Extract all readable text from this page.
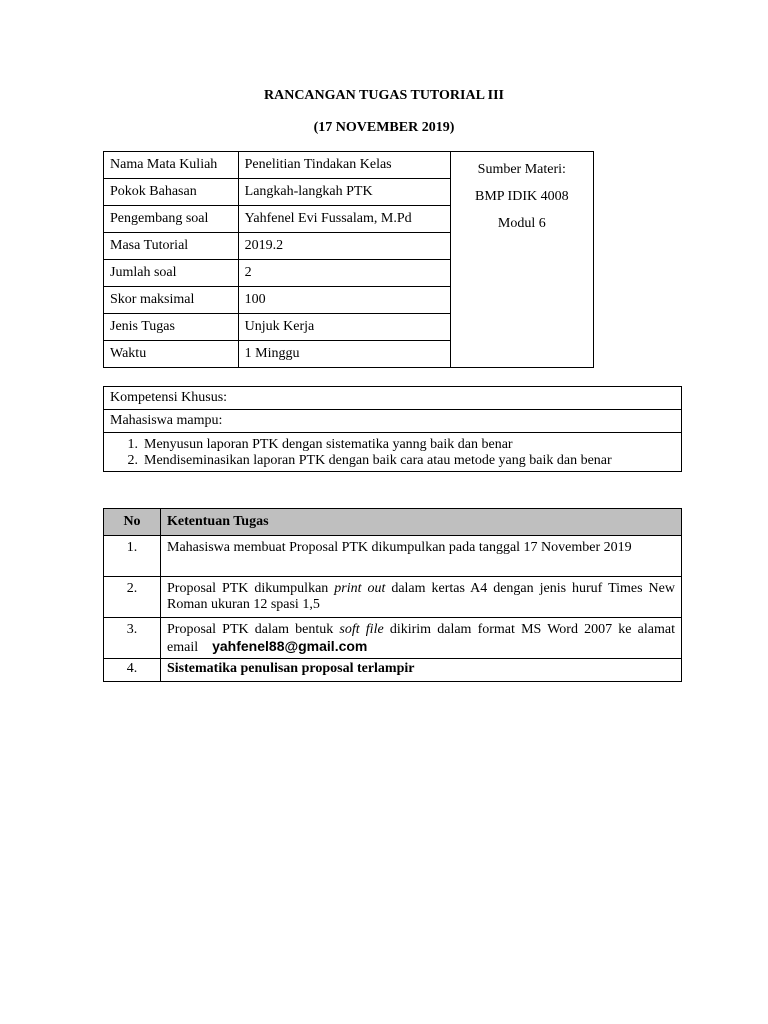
RANCANGAN TUGAS TUTORIAL III
(17 NOVEMBER 2019)
Nama Mata Kuliah	Penelitian Tindakan Kelas	Sumber Materi:
BMP IDIK 4008
Modul 6

Pokok Bahasan	Langkah-langkah PTK	
Pengembang soal	Yahfenel Evi Fussalam, M.Pd	
Masa Tutorial	2019.2	
Jumlah soal	2	
Skor maksimal	100	
Jenis Tugas	Unjuk Kerja	
Waktu	1 Minggu	
Kompetensi Khusus:
Mahasiswa mampu:

1. Menyusun laporan PTK dengan sistematika yanng baik dan benar
2. Mendiseminasikan laporan PTK dengan baik cara atau metode yang baik dan benar
No	Ketentuan Tugas
1.	Mahasiswa membuat Proposal PTK dikumpulkan pada tanggal 17 November 2019
2.	Proposal PTK dikumpulkan print out dalam kertas A4 dengan jenis huruf Times New Roman ukuran 12 spasi 1,5
3.	Proposal PTK dalam bentuk soft file dikirim dalam format MS Word 2007 ke alamat email yahfenel88@gmail.com
4.	Sistematika penulisan proposal terlampir
